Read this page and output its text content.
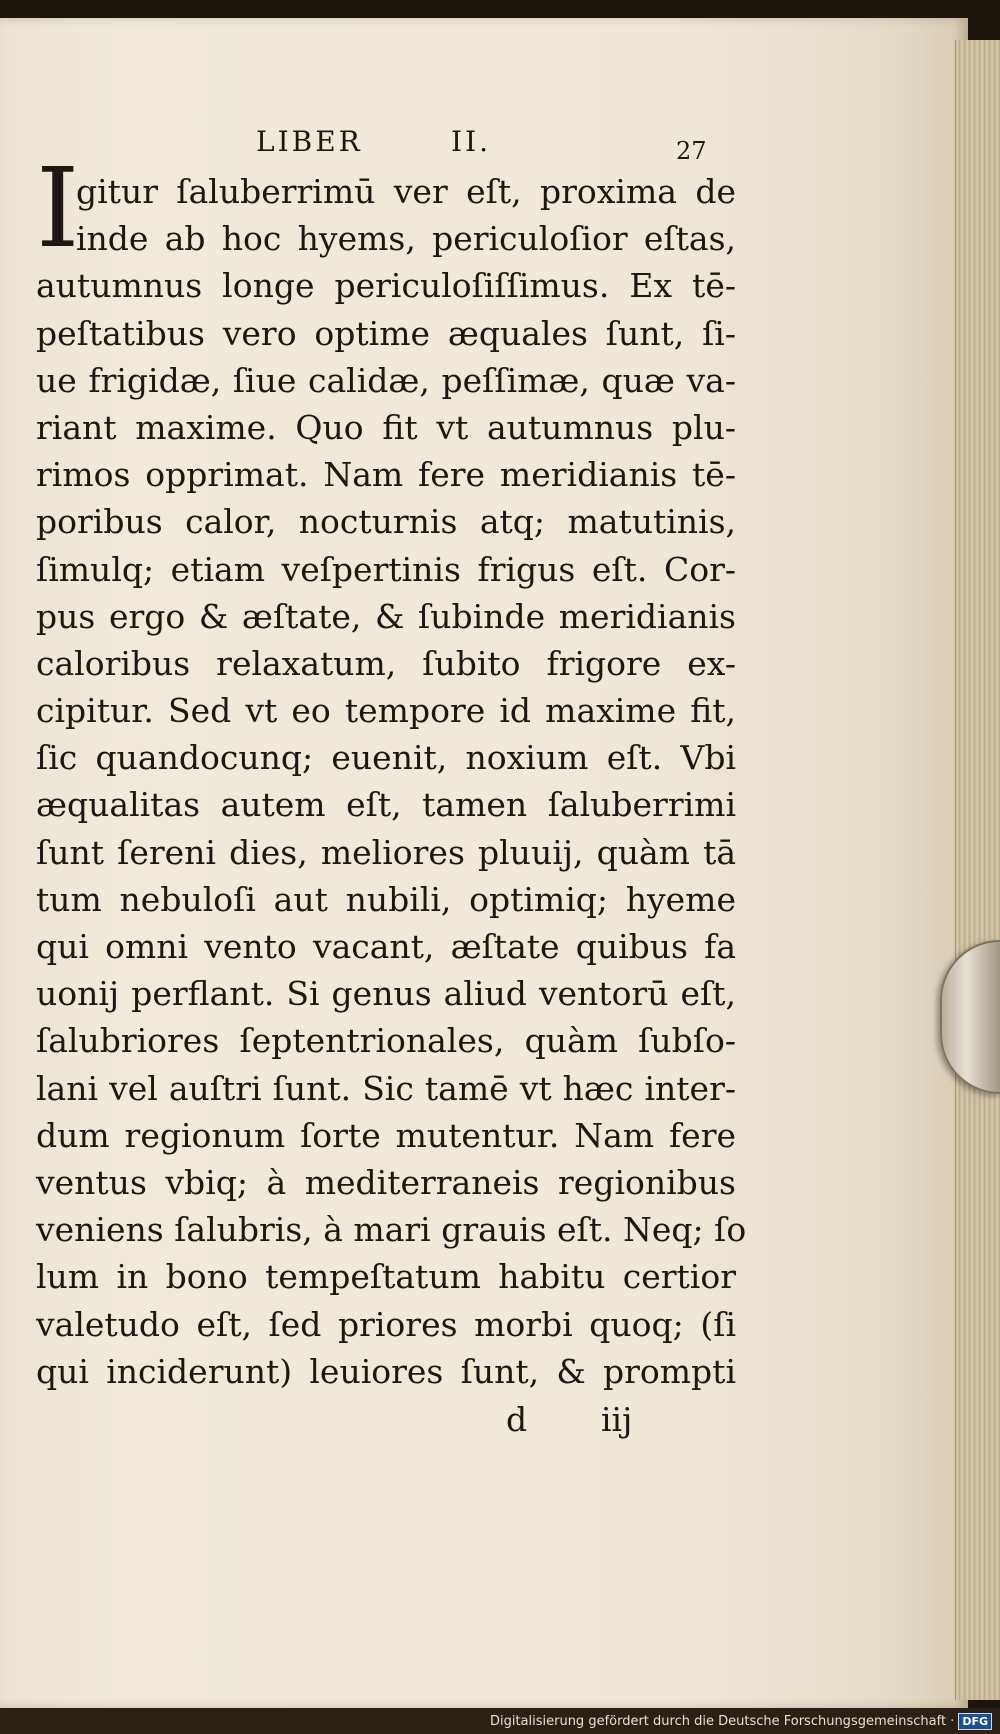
LIBER	II.	27
I
gitur ſaluberrimū ver eſt, proxima de
inde ab hoc hyems, periculoſior eſtas,
autumnus longe periculoſiſſimus. Ex tē-
peſtatibus vero optime æquales ſunt, ſi-
ue frigidæ, ſiue calidæ, peſſimæ, quæ va-
riant maxime. Quo fit vt autumnus plu-
rimos opprimat. Nam fere meridianis tē-
poribus calor, nocturnis atq; matutinis,
ſimulq; etiam veſpertinis frigus eſt. Cor-
pus ergo & æſtate, & ſubinde meridianis
caloribus relaxatum, ſubito frigore ex-
cipitur. Sed vt eo tempore id maxime fit,
ſic quandocunq; euenit, noxium eſt. Vbi
æqualitas autem eſt, tamen ſaluberrimi
ſunt ſereni dies, meliores pluuij, quàm tā
tum nebuloſi aut nubili, optimiq; hyeme
qui omni vento vacant, æſtate quibus fa
uonij perflant. Si genus aliud ventorū eſt,
ſalubriores ſeptentrionales, quàm ſubſo-
lani vel auſtri ſunt. Sic tamē vt hæc inter-
dum regionum ſorte mutentur. Nam fere
ventus vbiq; à mediterraneis regionibus
veniens ſalubris, à mari grauis eſt. Neq; ſo
lum in bono tempeſtatum habitu certior
valetudo eſt, ſed priores morbi quoq; (ſi
qui inciderunt) leuiores ſunt, & prompti
d iij
Digitalisierung gefördert durch die Deutsche Forschungsgemeinschaft · DFG
